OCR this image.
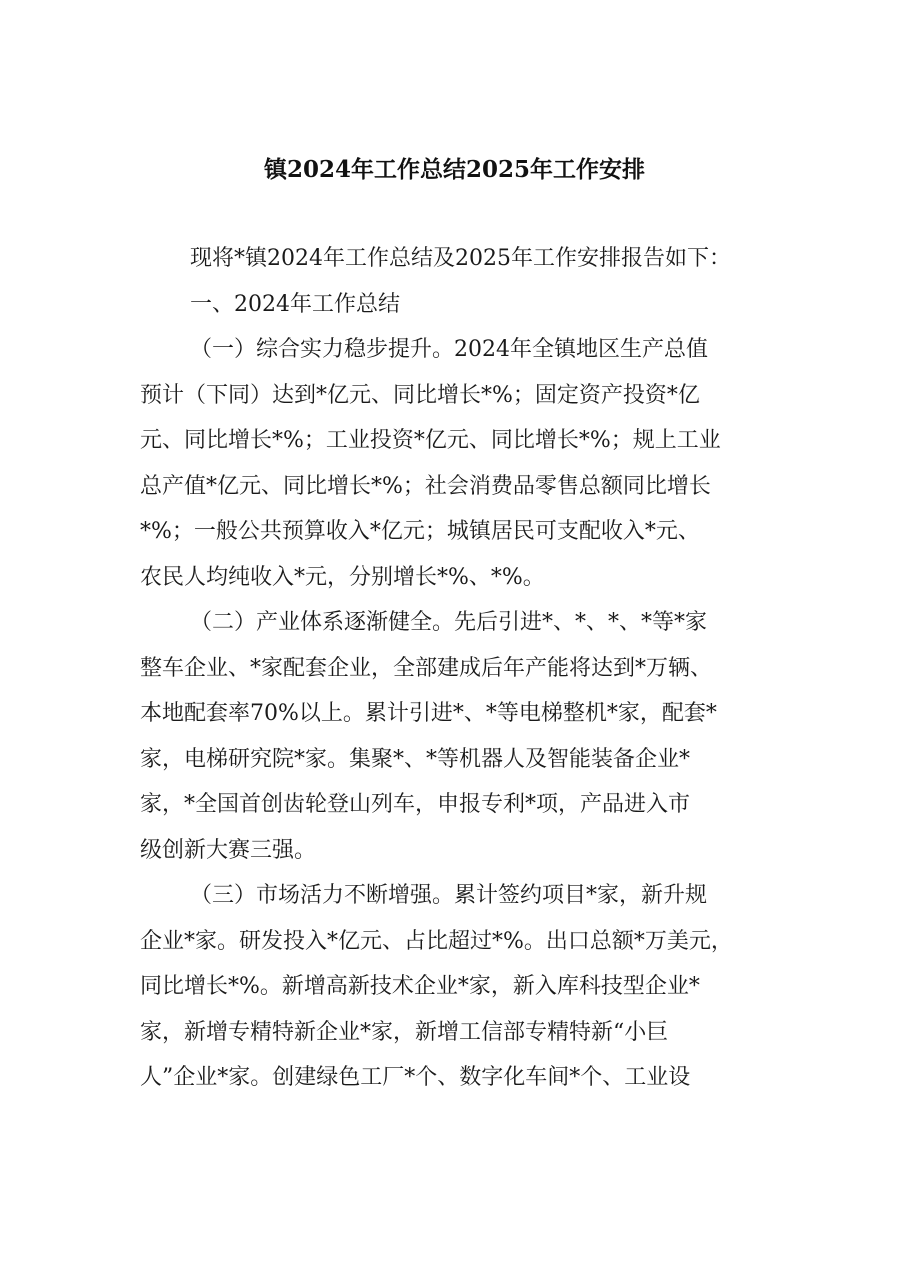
镇2024年工作总结2025年工作安排
现将*镇2024年工作总结及2025年工作安排报告如下：
一、2024年工作总结
（一）综合实力稳步提升。2024年全镇地区生产总值
预计（下同）达到*亿元、同比增长*%；固定资产投资*亿
元、同比增长*%；工业投资*亿元、同比增长*%；规上工业
总产值*亿元、同比增长*%；社会消费品零售总额同比增长
*%；一般公共预算收入*亿元；城镇居民可支配收入*元、
农民人均纯收入*元，分别增长*%、*%。
（二）产业体系逐渐健全。先后引进*、*、*、*等*家
整车企业、*家配套企业，全部建成后年产能将达到*万辆、
本地配套率70%以上。累计引进*、*等电梯整机*家，配套*
家，电梯研究院*家。集聚*、*等机器人及智能装备企业*
家，*全国首创齿轮登山列车，申报专利*项，产品进入市
级创新大赛三强。
（三）市场活力不断增强。累计签约项目*家，新升规
企业*家。研发投入*亿元、占比超过*%。出口总额*万美元，
同比增长*%。新增高新技术企业*家，新入库科技型企业*
家，新增专精特新企业*家，新增工信部专精特新“小巨
人”企业*家。创建绿色工厂*个、数字化车间*个、工业设
